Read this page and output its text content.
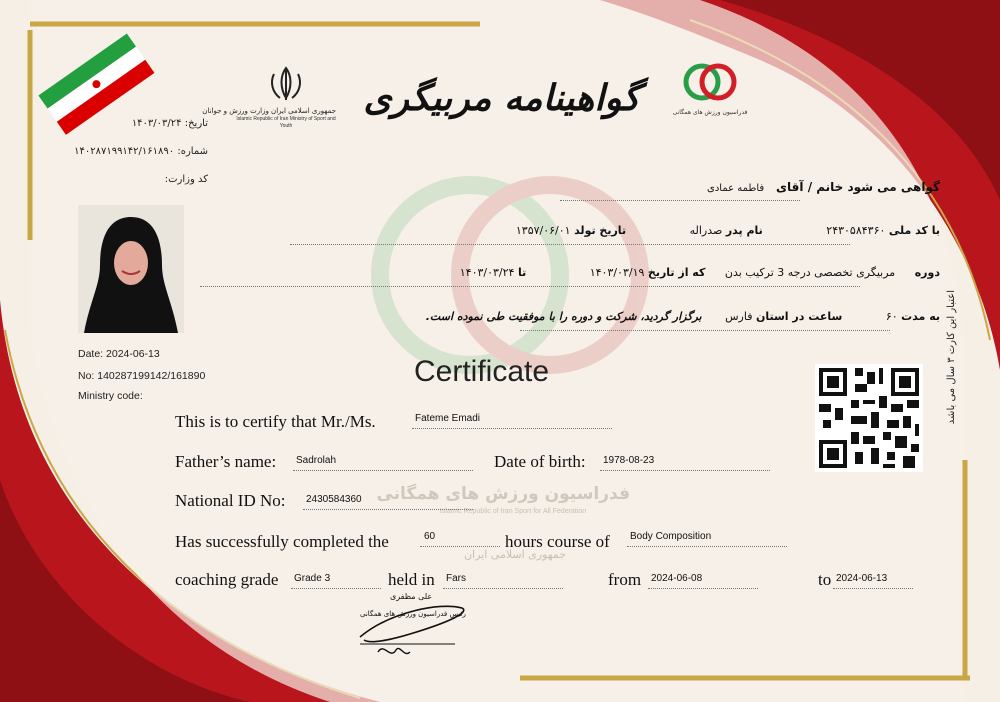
تاریخ: ۱۴۰۳/۰۳/۲۴
شماره: ۱۴۰۲۸۷۱۹۹۱۴۲/۱۶۱۸۹۰
کد وزارت:
جمهوری اسلامی ایران وزارت ورزش و جوانان
Islamic Republic of Iran Ministry of Sport and Youth
گواهینامه مربیگری	فدراسیون ورزش های همگانی
گواهی می شود خانم / آقای فاطمه عمادی
با کد ملی ۲۴۳۰۵۸۴۳۶۰ نام پدر صدراله تاریخ تولد ۱۳۵۷/۰۶/۰۱
دوره مربیگری تخصصی درجه 3 ترکیب بدن که از تاریخ ۱۴۰۳/۰۳/۱۹ تا ۱۴۰۳/۰۳/۲۴
به مدت ۶۰ ساعت در استان فارس برگزار گردید، شرکت و دوره را با موفقیت طی نموده است.
Date: 2024-06-13
No: 140287199142/161890
Ministry code:
Certificate
فدراسیون ورزش های همگانی
Islamic Republic of Iran Sport for All Federation
جمهوری اسلامی ایران
اعتبار این کارت ۳ سال می باشد
This is to certify that Mr./Ms.	Fateme Emadi
Father’s name: Sadrolah	Date of birth: 1978-08-23
National ID No: 2430584360
Has successfully completed the	60	hours course of Body Composition
coaching grade Grade 3	held in Fars	from 2024-06-08	to 2024-06-13
علی مظفری
رئیس فدراسیون ورزش های همگانی
